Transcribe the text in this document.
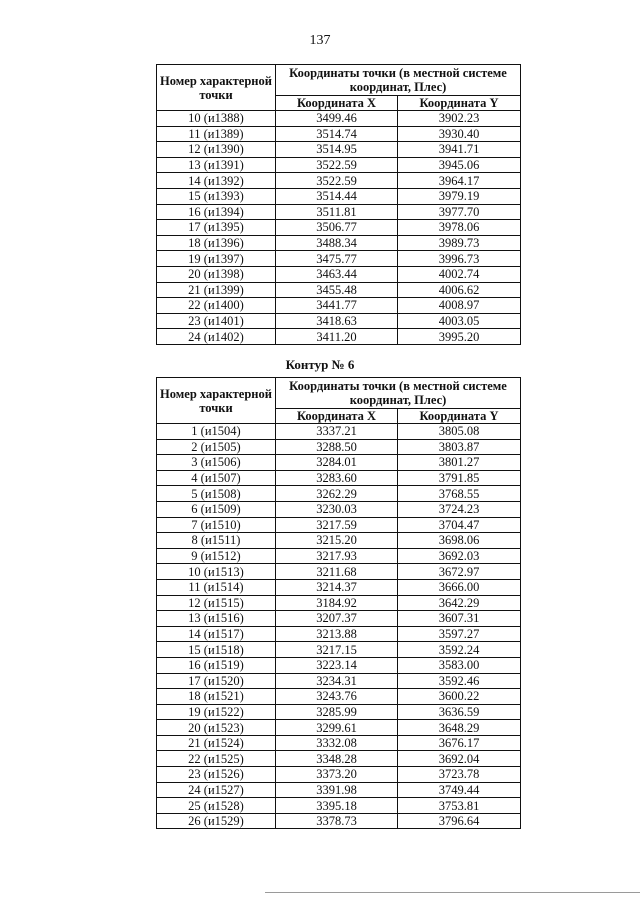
137
Номер характерной точки	Координаты точки (в местной системе координат, Плес)	
	Координата X	Координата Y
10 (и1388)	3499.46	3902.23
11 (и1389)	3514.74	3930.40
12 (и1390)	3514.95	3941.71
13 (и1391)	3522.59	3945.06
14 (и1392)	3522.59	3964.17
15 (и1393)	3514.44	3979.19
16 (и1394)	3511.81	3977.70
17 (и1395)	3506.77	3978.06
18 (и1396)	3488.34	3989.73
19 (и1397)	3475.77	3996.73
20 (и1398)	3463.44	4002.74
21 (и1399)	3455.48	4006.62
22 (и1400)	3441.77	4008.97
23 (и1401)	3418.63	4003.05
24 (и1402)	3411.20	3995.20
Контур № 6
Номер характерной точки	Координаты точки (в местной системе координат, Плес)	
	Координата X	Координата Y
1 (и1504)	3337.21	3805.08
2 (и1505)	3288.50	3803.87
3 (и1506)	3284.01	3801.27
4 (и1507)	3283.60	3791.85
5 (и1508)	3262.29	3768.55
6 (и1509)	3230.03	3724.23
7 (и1510)	3217.59	3704.47
8 (и1511)	3215.20	3698.06
9 (и1512)	3217.93	3692.03
10 (и1513)	3211.68	3672.97
11 (и1514)	3214.37	3666.00
12 (и1515)	3184.92	3642.29
13 (и1516)	3207.37	3607.31
14 (и1517)	3213.88	3597.27
15 (и1518)	3217.15	3592.24
16 (и1519)	3223.14	3583.00
17 (и1520)	3234.31	3592.46
18 (и1521)	3243.76	3600.22
19 (и1522)	3285.99	3636.59
20 (и1523)	3299.61	3648.29
21 (и1524)	3332.08	3676.17
22 (и1525)	3348.28	3692.04
23 (и1526)	3373.20	3723.78
24 (и1527)	3391.98	3749.44
25 (и1528)	3395.18	3753.81
26 (и1529)	3378.73	3796.64
